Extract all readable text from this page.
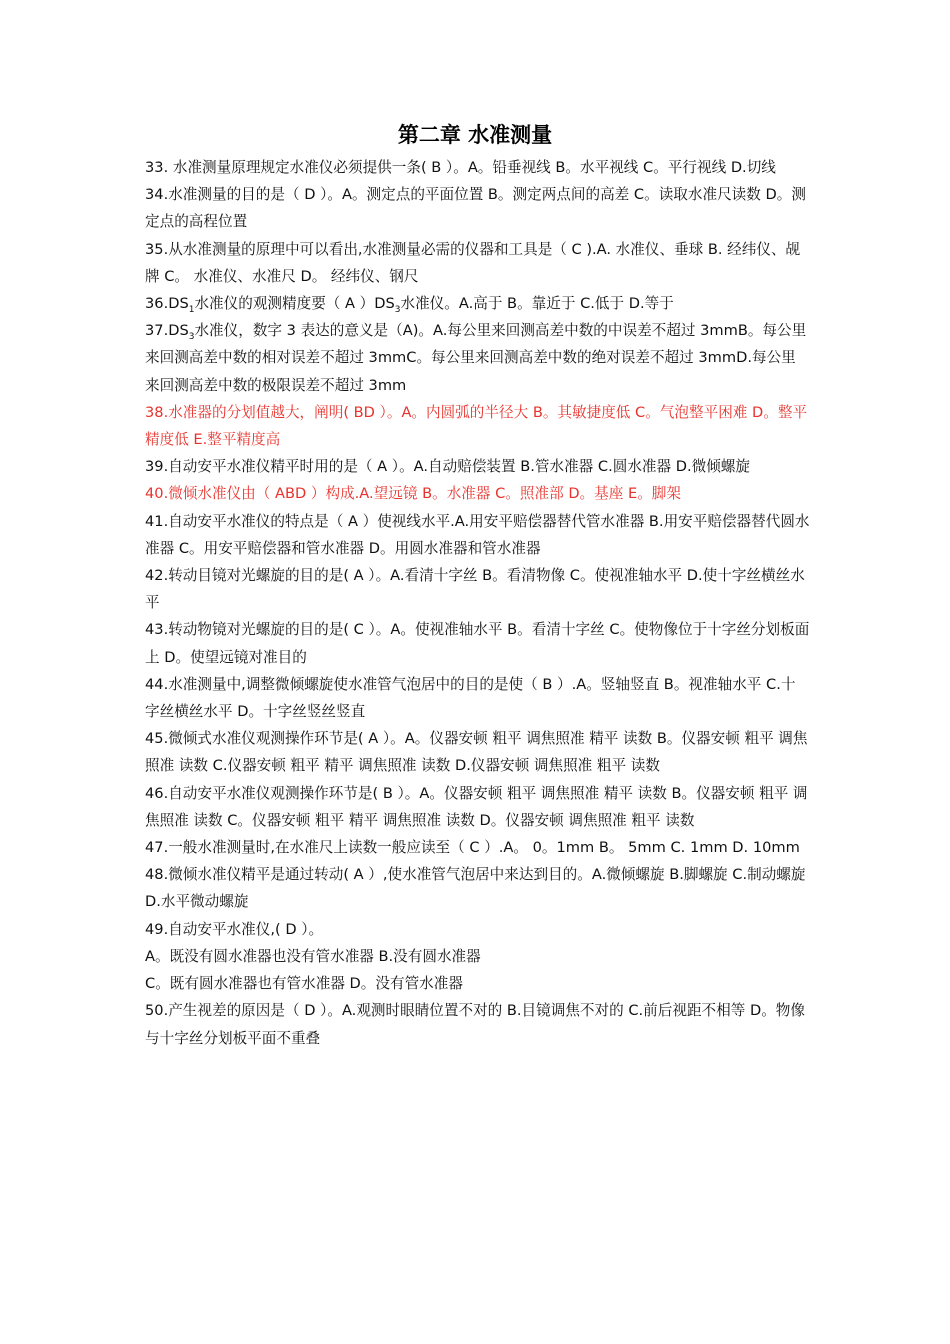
第二章 水准测量

33. 水准测量原理规定水准仪必须提供一条( B ）。A。铅垂视线 B。水平视线 C。平行视线 D.切线

34.水准测量的目的是（ D ）。A。测定点的平面位置 B。测定两点间的高差 C。读取水准尺读数 D。测定点的高程位置

35.从水准测量的原理中可以看出,水准测量必需的仪器和工具是（ C ).A. 水准仪、垂球 B. 经纬仪、觇牌 C。 水准仪、水准尺 D。 经纬仪、钢尺

$36.DS_1$水准仪的观测精度要（ A ）$DS_3$水准仪。A.高于 B。靠近于 C.低于 D.等于

$37.DS_3$水准仪，数字 3 表达的意义是（A)。A.每公里来回测高差中数的中误差不超过 3mmB。每公里来回测高差中数的相对误差不超过 3mmC。每公里来回测高差中数的绝对误差不超过 3mmD.每公里来回测高差中数的极限误差不超过 3mm

38.水准器的分划值越大，阐明( BD ）。A。内圆弧的半径大 B。其敏捷度低 C。气泡整平困难 D。整平精度低 E.整平精度高

39.自动安平水准仪精平时用的是（ A ）。A.自动赔偿装置 B.管水准器 C.圆水准器 D.微倾螺旋

40.微倾水准仪由（ ABD ）构成.A.望远镜 B。水准器 C。照准部 D。基座 E。脚架

41.自动安平水准仪的特点是（ A ）使视线水平.A.用安平赔偿器替代管水准器 B.用安平赔偿器替代圆水准器 C。用安平赔偿器和管水准器 D。用圆水准器和管水准器

42.转动目镜对光螺旋的目的是( A ）。A.看清十字丝 B。看清物像 C。使视准轴水平 D.使十字丝横丝水平

43.转动物镜对光螺旋的目的是( C ）。A。使视准轴水平 B。看清十字丝 C。使物像位于十字丝分划板面上 D。使望远镜对准目的

44.水准测量中,调整微倾螺旋使水准管气泡居中的目的是使（ B ）.A。竖轴竖直 B。视准轴水平 C.十字丝横丝水平 D。十字丝竖丝竖直

45.微倾式水准仪观测操作环节是( A ）。A。仪器安顿 粗平 调焦照准 精平 读数 B。仪器安顿 粗平 调焦照准 读数 C.仪器安顿 粗平 精平 调焦照准 读数 D.仪器安顿 调焦照准 粗平 读数

46.自动安平水准仪观测操作环节是( B ）。A。仪器安顿 粗平 调焦照准 精平 读数 B。仪器安顿 粗平 调焦照准 读数 C。仪器安顿 粗平 精平 调焦照准 读数 D。仪器安顿 调焦照准 粗平 读数

47.一般水准测量时,在水准尺上读数一般应读至（ C ）.A。 0。1mm B。 5mm C. 1mm D. 10mm

48.微倾水准仪精平是通过转动( A ）,使水准管气泡居中来达到目的。A.微倾螺旋 B.脚螺旋 C.制动螺旋 D.水平微动螺旋

49.自动安平水准仪,( D ）。

A。既没有圆水准器也没有管水准器 B.没有圆水准器

C。既有圆水准器也有管水准器 D。没有管水准器

50.产生视差的原因是（ D ）。A.观测时眼睛位置不对的 B.目镜调焦不对的 C.前后视距不相等 D。物像与十字丝分划板平面不重叠
